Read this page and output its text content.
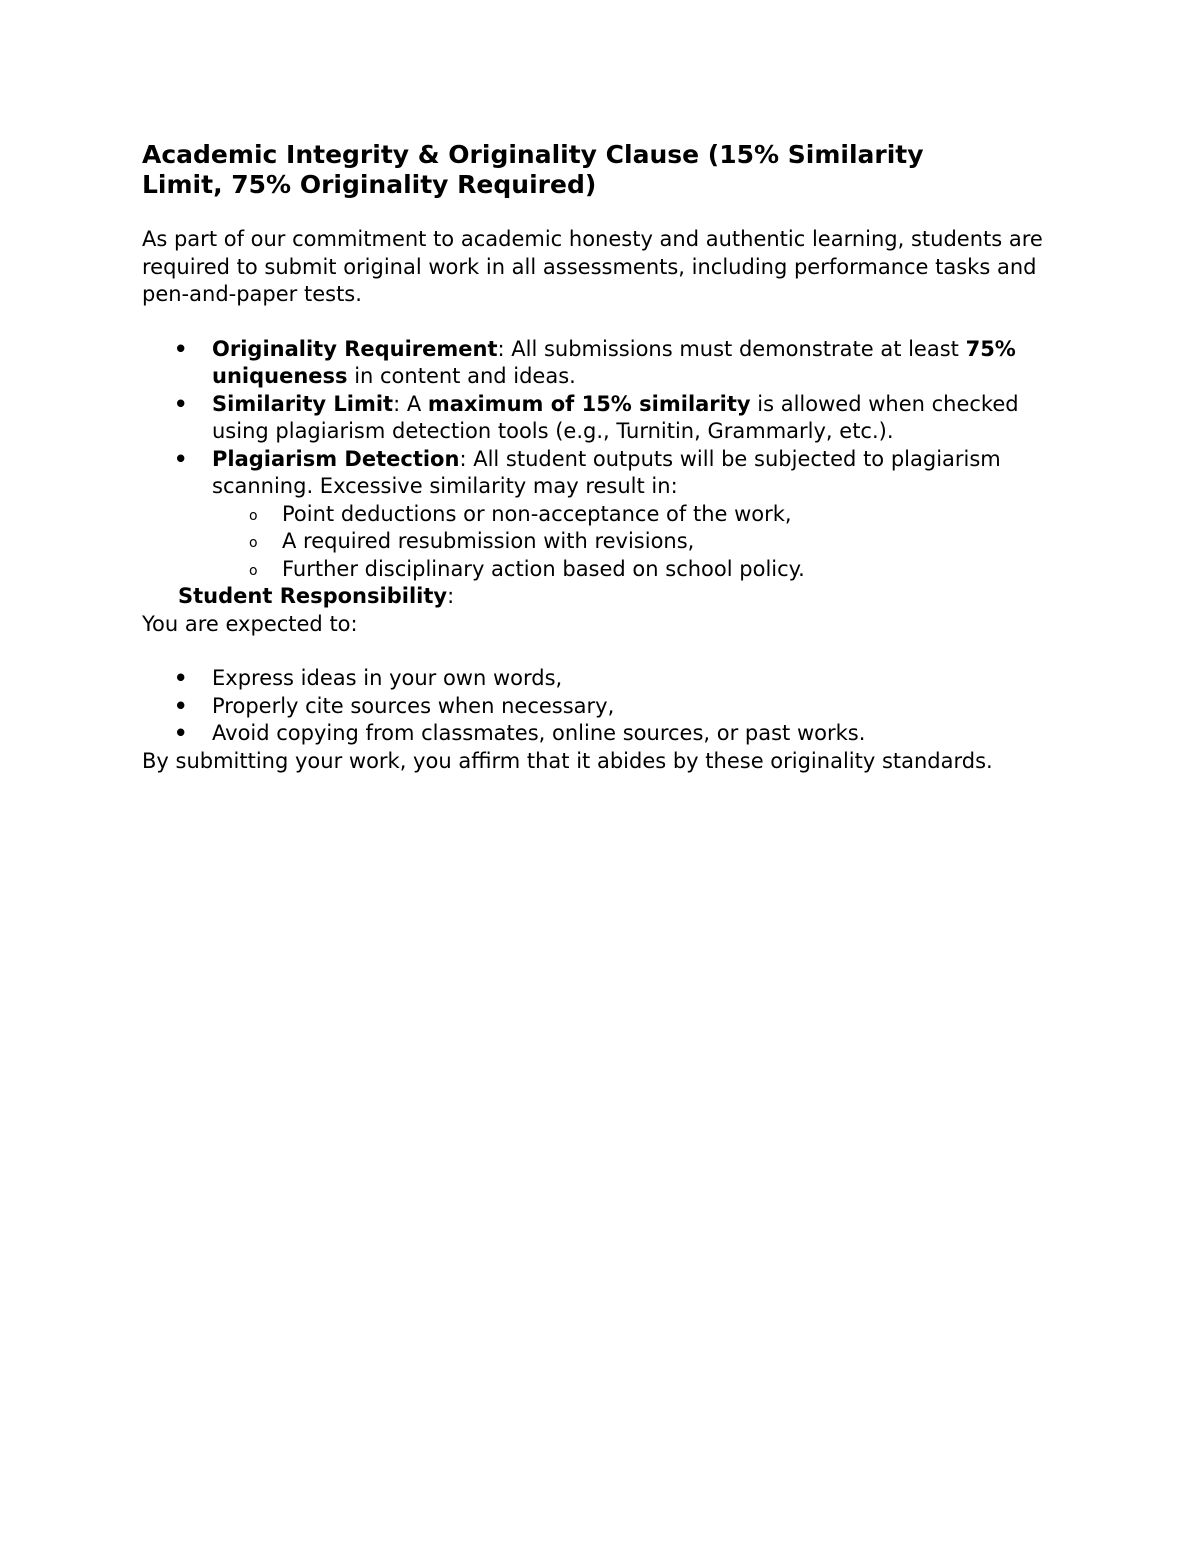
Academic Integrity & Originality Clause (15% Similarity Limit, 75% Originality Required)

As part of our commitment to academic honesty and authentic learning, students are required to submit original work in all assessments, including performance tasks and pen-and-paper tests.

• Originality Requirement: All submissions must demonstrate at least 75% uniqueness in content and ideas.
• Similarity Limit: A maximum of 15% similarity is allowed when checked using plagiarism detection tools (e.g., Turnitin, Grammarly, etc.).
• Plagiarism Detection: All student outputs will be subjected to plagiarism scanning. Excessive similarity may result in:
o Point deductions or non-acceptance of the work,
o A required resubmission with revisions,
o Further disciplinary action based on school policy.

Student Responsibility:

You are expected to:

• Express ideas in your own words,
• Properly cite sources when necessary,
• Avoid copying from classmates, online sources, or past works.

By submitting your work, you affirm that it abides by these originality standards.
